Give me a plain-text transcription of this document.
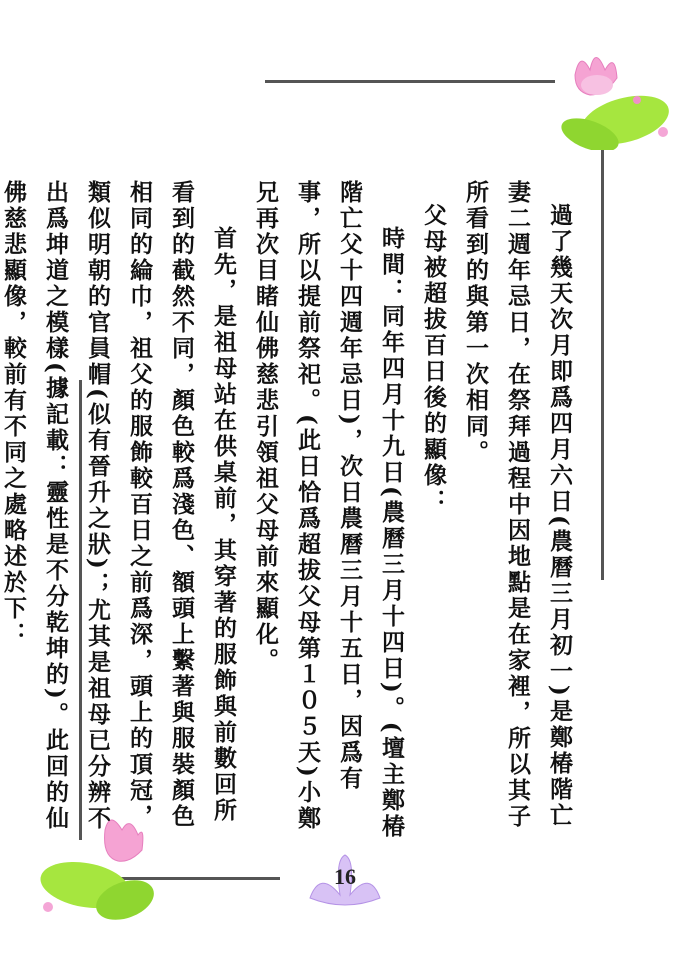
過了幾天次月即爲四月六日(農曆三月初一)是鄭椿階亡妻二週年忌日，在祭拜過程中因地點是在家裡，所以其子所看到的與第一次相同。

父母被超拔百日後的顯像：

時間：同年四月十九日(農曆三月十四日)。(壇主鄭椿階亡父十四週年忌日)，次日農曆三月十五日，因爲有事，所以提前祭祀。(此日恰爲超拔父母第１０５天)小鄭兄再次目睹仙佛慈悲引領祖父母前來顯化。

首先，是祖母站在供桌前，其穿著的服飾與前數回所看到的截然不同，顏色較爲淺色、額頭上繫著與服裝顏色相同的綸巾，祖父的服飾較百日之前爲深，頭上的頂冠，類似明朝的官員帽(似有晉升之狀)；尤其是祖母已分辨不出爲坤道之模樣(據記載：靈性是不分乾坤的)。此回的仙佛慈悲顯像，較前有不同之處略述於下：

16
